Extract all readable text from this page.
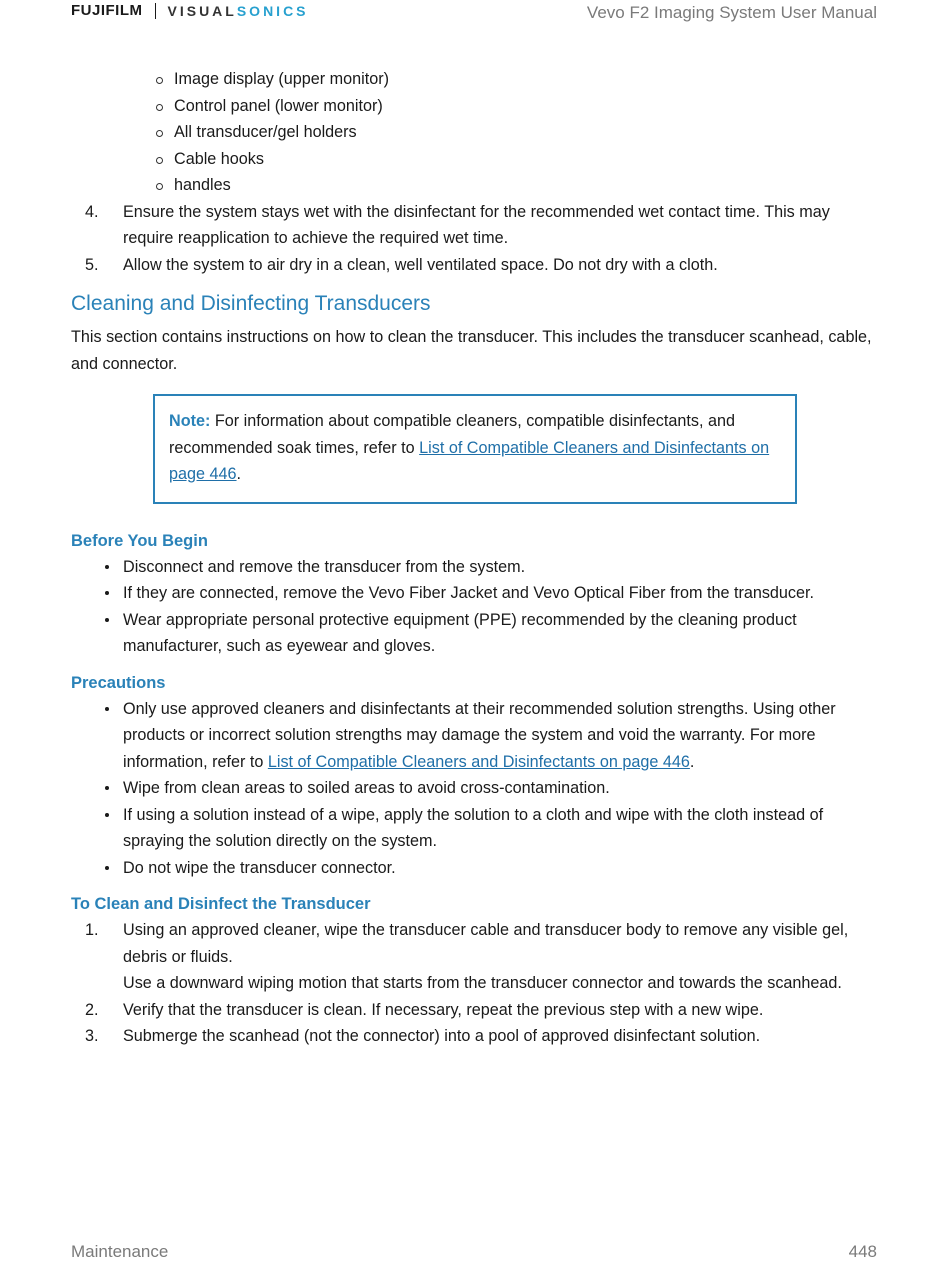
FUJIFILM VISUAL SONICS	Vevo F2 Imaging System User Manual
Image display (upper monitor)
Control panel (lower monitor)
All transducer/gel holders
Cable hooks
handles
4.	Ensure the system stays wet with the disinfectant for the recommended wet contact time. This may require reapplication to achieve the required wet time.
5.	Allow the system to air dry in a clean, well ventilated space. Do not dry with a cloth.
Cleaning and Disinfecting Transducers

This section contains instructions on how to clean the transducer. This includes the transducer scanhead, cable, and connector.

Note: For information about compatible cleaners, compatible disinfectants, and recommended soak times, refer to List of Compatible Cleaners and Disinfectants on page 446.
Before You Begin
Disconnect and remove the transducer from the system.
If they are connected, remove the Vevo Fiber Jacket and Vevo Optical Fiber from the transducer.
Wear appropriate personal protective equipment (PPE) recommended by the cleaning product manufacturer, such as eyewear and gloves.
Precautions
Only use approved cleaners and disinfectants at their recommended solution strengths. Using other products or incorrect solution strengths may damage the system and void the warranty. For more information, refer to List of Compatible Cleaners and Disinfectants on page 446.
Wipe from clean areas to soiled areas to avoid cross-contamination.
If using a solution instead of a wipe, apply the solution to a cloth and wipe with the cloth instead of spraying the solution directly on the system.
Do not wipe the transducer connector.
To Clean and Disinfect the Transducer
1.	Using an approved cleaner, wipe the transducer cable and transducer body to remove any visible gel, debris or fluids.
Use a downward wiping motion that starts from the transducer connector and towards the scanhead.
2.	Verify that the transducer is clean. If necessary, repeat the previous step with a new wipe.
3.	Submerge the scanhead (not the connector) into a pool of approved disinfectant solution.
Maintenance	448
